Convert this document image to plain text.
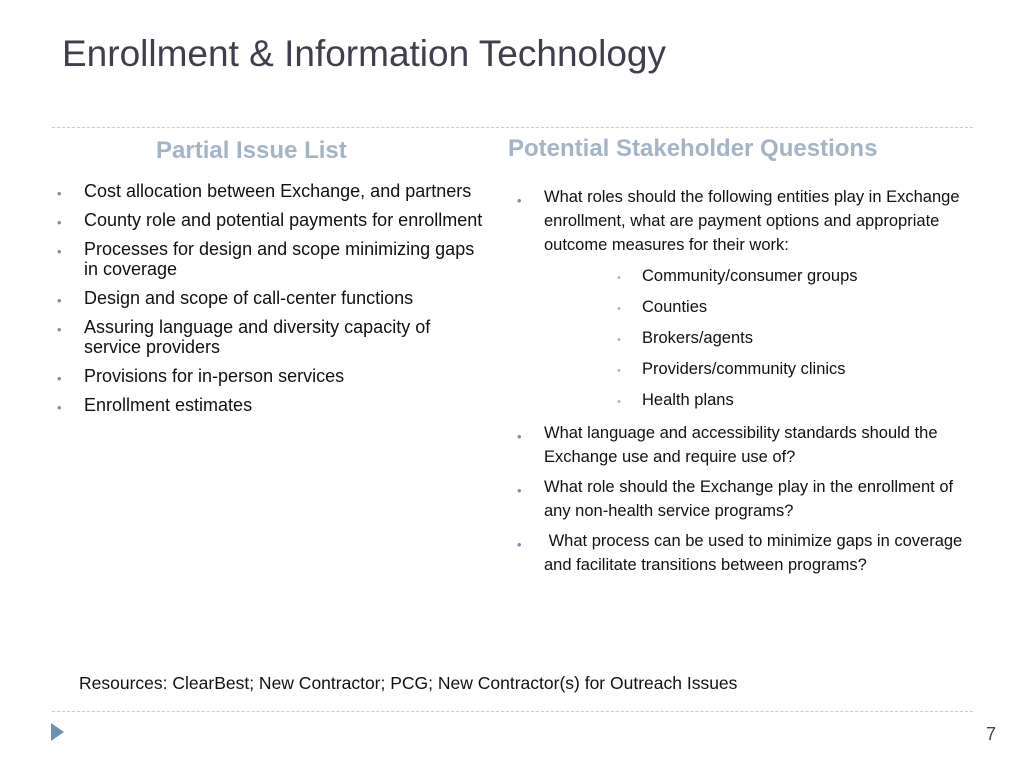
Enrollment & Information Technology
Partial Issue List	Potential Stakeholder Questions
• Cost allocation between Exchange, and partners
• County role and potential payments for enrollment
• Processes for design and scope minimizing gaps in coverage
• Design and scope of call-center functions
• Assuring language and diversity capacity of service providers
• Provisions for in-person services
• Enrollment estimates
• What roles should the following entities play in Exchange enrollment, what are payment options and appropriate outcome measures for their work:
• Community/consumer groups
• Counties
• Brokers/agents
• Providers/community clinics
• Health plans
• What language and accessibility standards should the Exchange use and require use of?
• What role should the Exchange play in the enrollment of any non-health service programs?
• What process can be used to minimize gaps in coverage and facilitate transitions between programs?
Resources: ClearBest; New Contractor; PCG; New Contractor(s) for Outreach Issues
7
